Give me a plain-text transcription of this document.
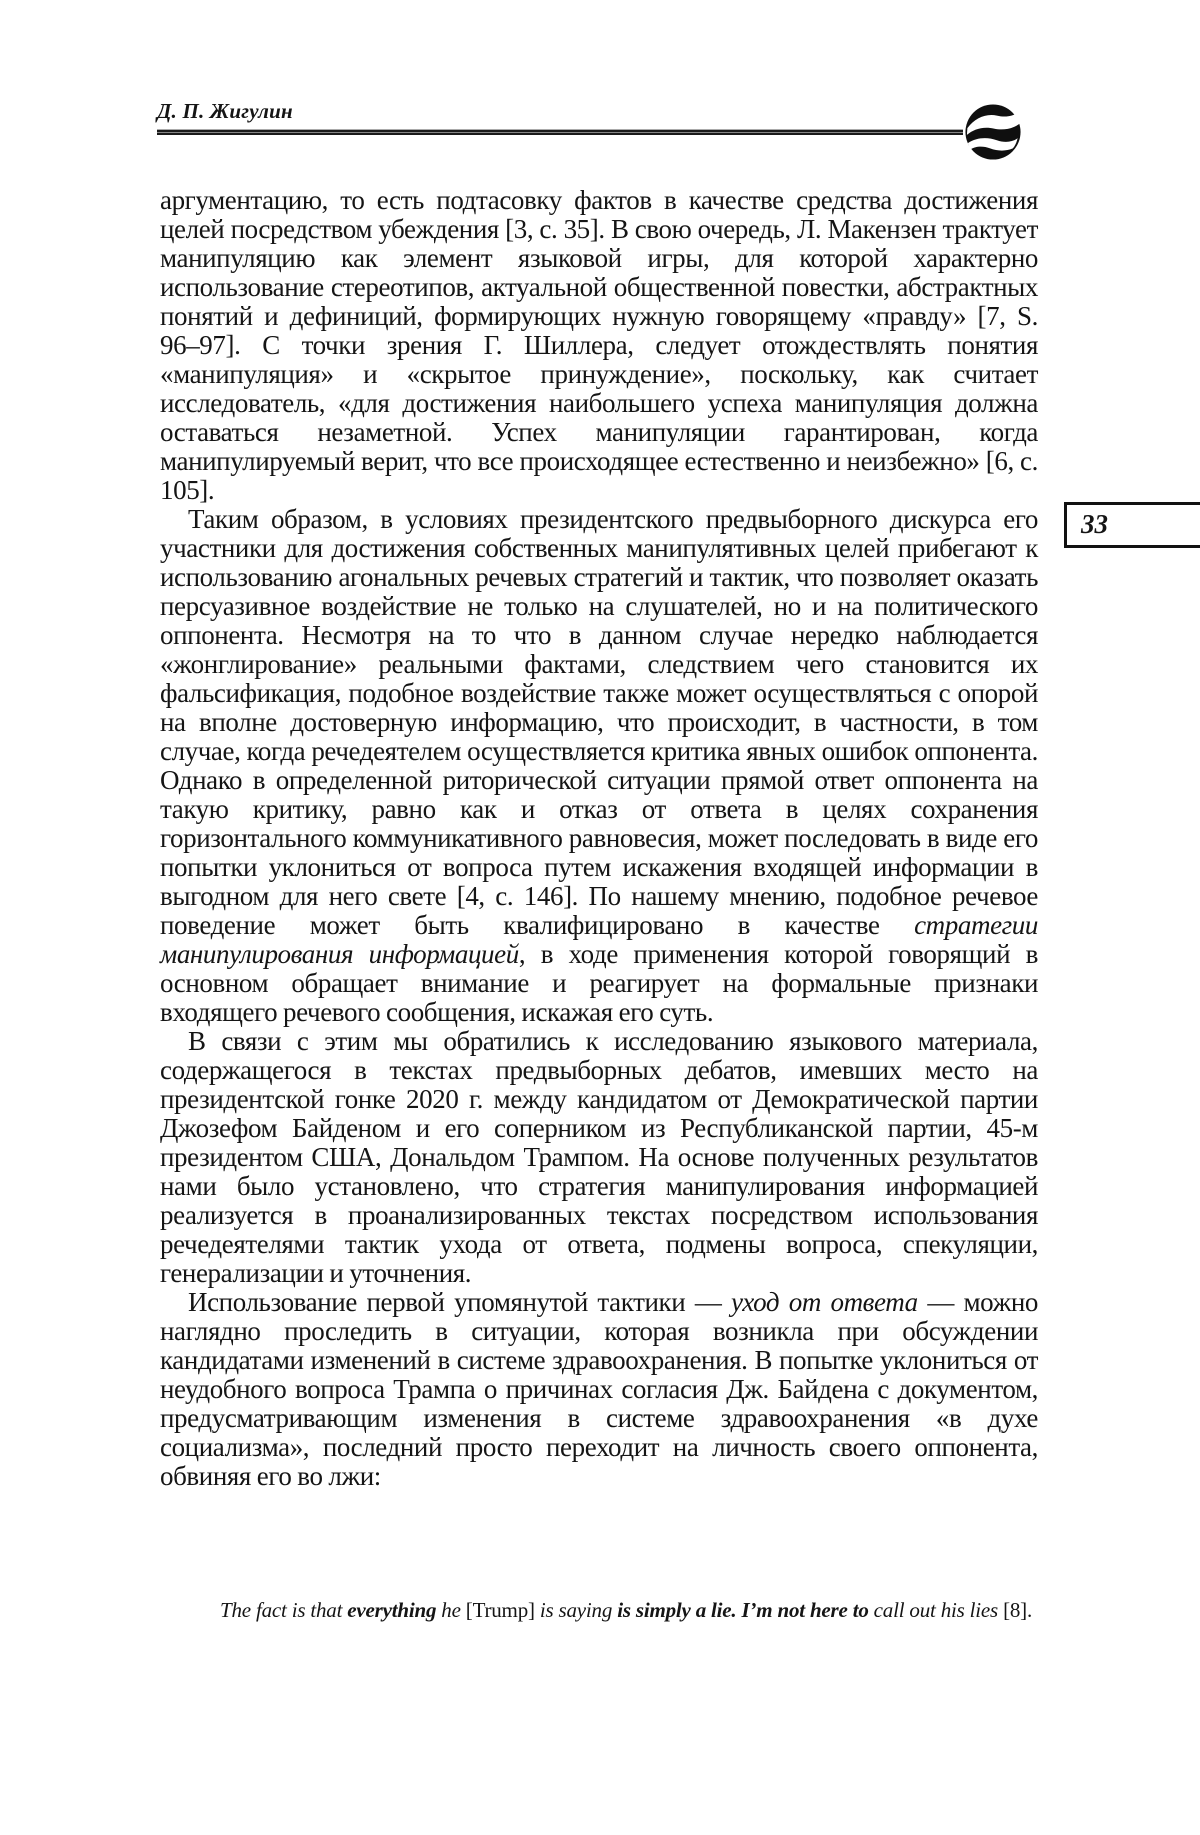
Д. П. Жигулин
33

аргументацию, то есть подтасовку фактов в качестве средства достижения целей посредством убеждения [3, с. 35]. В свою очередь, Л. Макензен трактует манипуляцию как элемент языковой игры, для которой характерно использование стереотипов, актуальной общественной повестки, абстрактных понятий и дефиниций, формирующих нужную говорящему «правду» [7, S. 96–97]. С точки зрения Г. Шиллера, следует отождествлять понятия «манипуляция» и «скрытое принуждение», поскольку, как считает исследователь, «для достижения наибольшего успеха манипуляция должна оставаться незаметной. Успех манипуляции гарантирован, когда манипулируемый верит, что все происходящее естественно и неизбежно» [6, с. 105].

Таким образом, в условиях президентского предвыборного дискурса его участники для достижения собственных манипулятивных целей прибегают к использованию агональных речевых стратегий и тактик, что позволяет оказать персуазивное воздействие не только на слушателей, но и на политического оппонента. Несмотря на то что в данном случае нередко наблюдается «жонглирование» реальными фактами, следствием чего становится их фальсификация, подобное воздействие также может осуществляться с опорой на вполне достоверную информацию, что происходит, в частности, в том случае, когда речедеятелем осуществляется критика явных ошибок оппонента. Однако в определенной риторической ситуации прямой ответ оппонента на такую критику, равно как и отказ от ответа в целях сохранения горизонтального коммуникативного равновесия, может последовать в виде его попытки уклониться от вопроса путем искажения входящей информации в выгодном для него свете [4, с. 146]. По нашему мнению, подобное речевое поведение может быть квалифицировано в качестве стратегии манипулирования информацией, в ходе применения которой говорящий в основном обращает внимание и реагирует на формальные признаки входящего речевого сообщения, искажая его суть.

В связи с этим мы обратились к исследованию языкового материала, содержащегося в текстах предвыборных дебатов, имевших место на президентской гонке 2020 г. между кандидатом от Демократической партии Джозефом Байденом и его соперником из Республиканской партии, 45-м президентом США, Дональдом Трампом. На основе полученных результатов нами было установлено, что стратегия манипулирования информацией реализуется в проанализированных текстах посредством использования речедеятелями тактик ухода от ответа, подмены вопроса, спекуляции, генерализации и уточнения.

Использование первой упомянутой тактики — уход от ответа — можно наглядно проследить в ситуации, которая возникла при обсуждении кандидатами изменений в системе здравоохранения. В попытке уклониться от неудобного вопроса Трампа о причинах согласия Дж. Байдена с документом, предусматривающим изменения в системе здравоохранения «в духе социализма», последний просто переходит на личность своего оппонента, обвиняя его во лжи:

The fact is that everything he [Trump] is saying is simply a lie. I’m not here to call out his lies [8].
